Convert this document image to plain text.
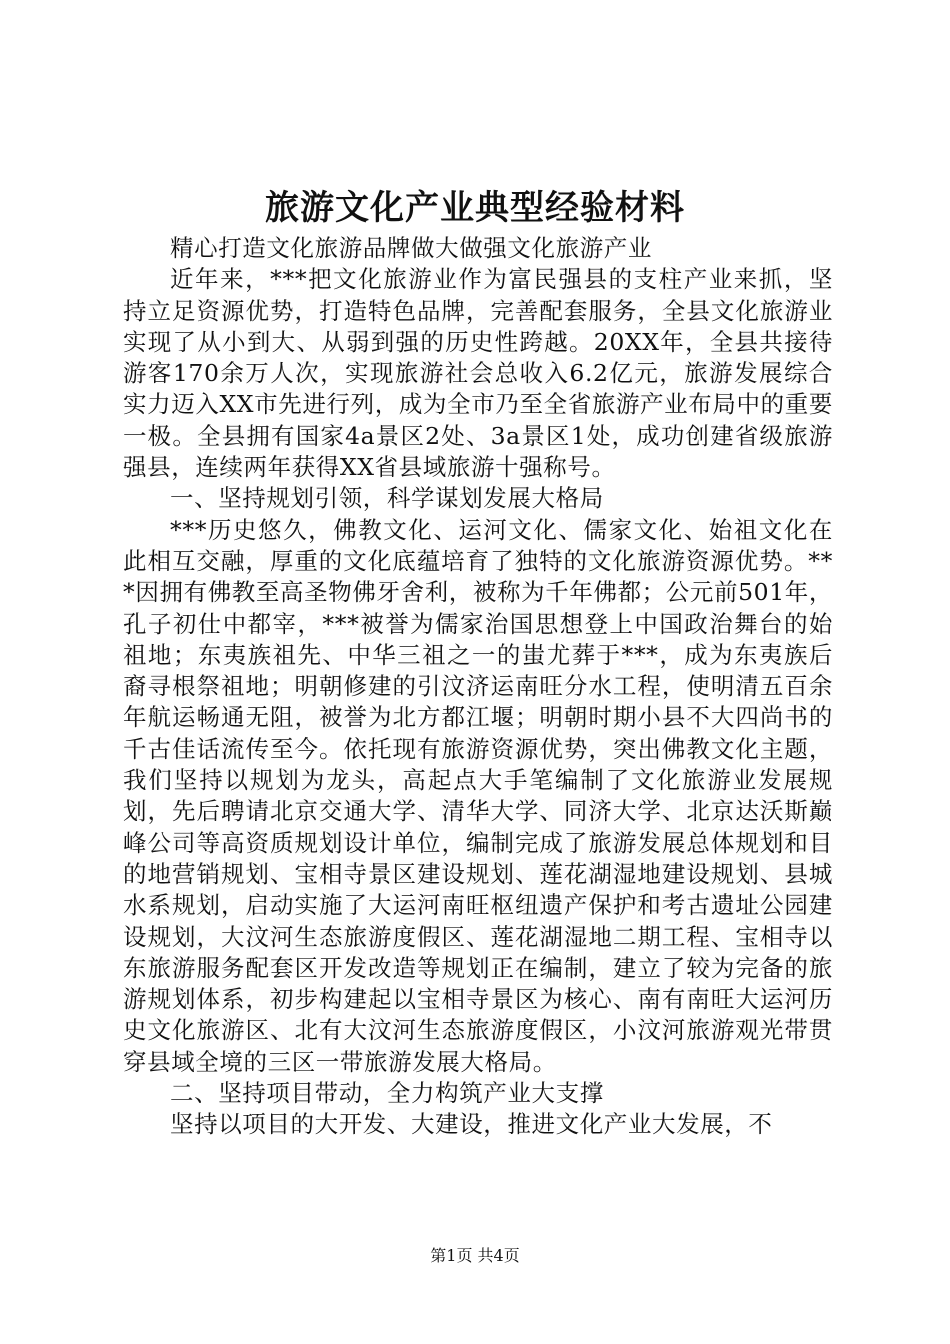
旅游文化产业典型经验材料

精心打造文化旅游品牌做大做强文化旅游产业

近年来，***把文化旅游业作为富民强县的支柱产业来抓，坚持立足资源优势，打造特色品牌，完善配套服务，全县文化旅游业实现了从小到大、从弱到强的历史性跨越。20XX年，全县共接待游客170余万人次，实现旅游社会总收入6.2亿元，旅游发展综合实力迈入XX市先进行列，成为全市乃至全省旅游产业布局中的重要一极。全县拥有国家4a景区2处、3a景区1处，成功创建省级旅游强县，连续两年获得XX省县域旅游十强称号。

一、坚持规划引领，科学谋划发展大格局

***历史悠久，佛教文化、运河文化、儒家文化、始祖文化在此相互交融，厚重的文化底蕴培育了独特的文化旅游资源优势。***因拥有佛教至高圣物佛牙舍利，被称为千年佛都；公元前501年，孔子初仕中都宰，***被誉为儒家治国思想登上中国政治舞台的始祖地；东夷族祖先、中华三祖之一的蚩尤葬于***，成为东夷族后裔寻根祭祖地；明朝修建的引汶济运南旺分水工程，使明清五百余年航运畅通无阻，被誉为北方都江堰；明朝时期小县不大四尚书的千古佳话流传至今。依托现有旅游资源优势，突出佛教文化主题，我们坚持以规划为龙头，高起点大手笔编制了文化旅游业发展规划，先后聘请北京交通大学、清华大学、同济大学、北京达沃斯巅峰公司等高资质规划设计单位，编制完成了旅游发展总体规划和目的地营销规划、宝相寺景区建设规划、莲花湖湿地建设规划、县城水系规划，启动实施了大运河南旺枢纽遗产保护和考古遗址公园建设规划，大汶河生态旅游度假区、莲花湖湿地二期工程、宝相寺以东旅游服务配套区开发改造等规划正在编制，建立了较为完备的旅游规划体系，初步构建起以宝相寺景区为核心、南有南旺大运河历史文化旅游区、北有大汶河生态旅游度假区，小汶河旅游观光带贯穿县域全境的三区一带旅游发展大格局。

二、坚持项目带动，全力构筑产业大支撑

坚持以项目的大开发、大建设，推进文化产业大发展，不

第1页 共4页
